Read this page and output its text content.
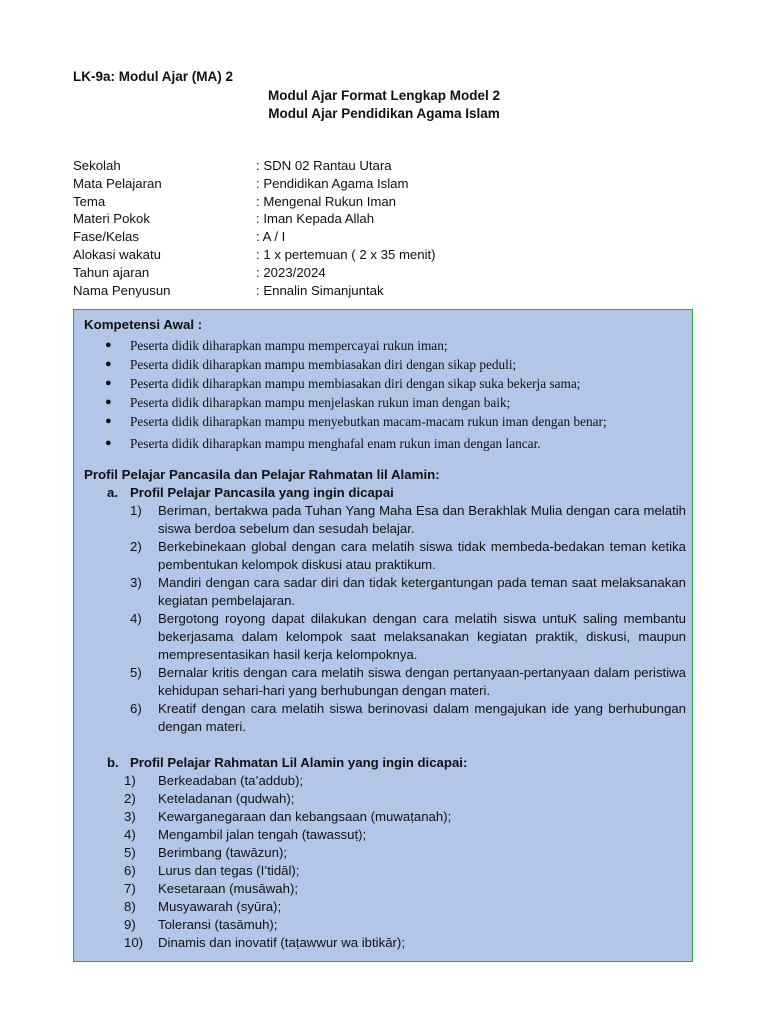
LK-9a: Modul Ajar (MA) 2
Modul Ajar Format Lengkap Model 2
Modul Ajar Pendidikan Agama Islam
Sekolah	: SDN 02 Rantau Utara
Mata Pelajaran	: Pendidikan Agama Islam
Tema	: Mengenal Rukun Iman
Materi Pokok	: Iman Kepada Allah
Fase/Kelas	: A / I
Alokasi wakatu	: 1 x pertemuan ( 2 x 35 menit)
Tahun ajaran	: 2023/2024
Nama Penyusun	: Ennalin Simanjuntak
Kompetensi Awal :
●	Peserta didik diharapkan mampu mempercayai rukun iman;
●	Peserta didik diharapkan mampu membiasakan diri dengan sikap peduli;
●	Peserta didik diharapkan mampu membiasakan diri dengan sikap suka bekerja sama;
●	Peserta didik diharapkan mampu menjelaskan rukun iman dengan baik;
●	Peserta didik diharapkan mampu menyebutkan macam-macam rukun iman dengan benar;
●	Peserta didik diharapkan mampu menghafal enam rukun iman dengan lancar.
Profil Pelajar Pancasila dan Pelajar Rahmatan lil Alamin:
a. Profil Pelajar Pancasila yang ingin dicapai
1)	Beriman, bertakwa pada Tuhan Yang Maha Esa dan Berakhlak Mulia dengan cara melatih siswa berdoa sebelum dan sesudah belajar.
2)	Berkebinekaan global dengan cara melatih siswa tidak membeda-bedakan teman ketika pembentukan kelompok diskusi atau praktikum.
3)	Mandiri dengan cara sadar diri dan tidak ketergantungan pada teman saat melaksanakan kegiatan pembelajaran.
4)	Bergotong royong dapat dilakukan dengan cara melatih siswa untuK saling membantu bekerjasama dalam kelompok saat melaksanakan kegiatan praktik, diskusi, maupun mempresentasikan hasil kerja kelompoknya.
5)	Bernalar kritis dengan cara melatih siswa dengan pertanyaan-pertanyaan dalam peristiwa kehidupan sehari-hari yang berhubungan dengan materi.
6)	Kreatif dengan cara melatih siswa berinovasi dalam mengajukan ide yang berhubungan dengan materi.
b. Profil Pelajar Rahmatan Lil Alamin yang ingin dicapai:
1)	Berkeadaban (ta’addub);
2)	Keteladanan (qudwah);
3)	Kewarganegaraan dan kebangsaan (muwaṭanah);
4)	Mengambil jalan tengah (tawassuṭ);
5)	Berimbang (tawāzun);
6)	Lurus dan tegas (I’tidāl);
7)	Kesetaraan (musāwah);
8)	Musyawarah (syūra);
9)	Toleransi (tasāmuh);
10)	Dinamis dan inovatif (taṭawwur wa ibtikār);
